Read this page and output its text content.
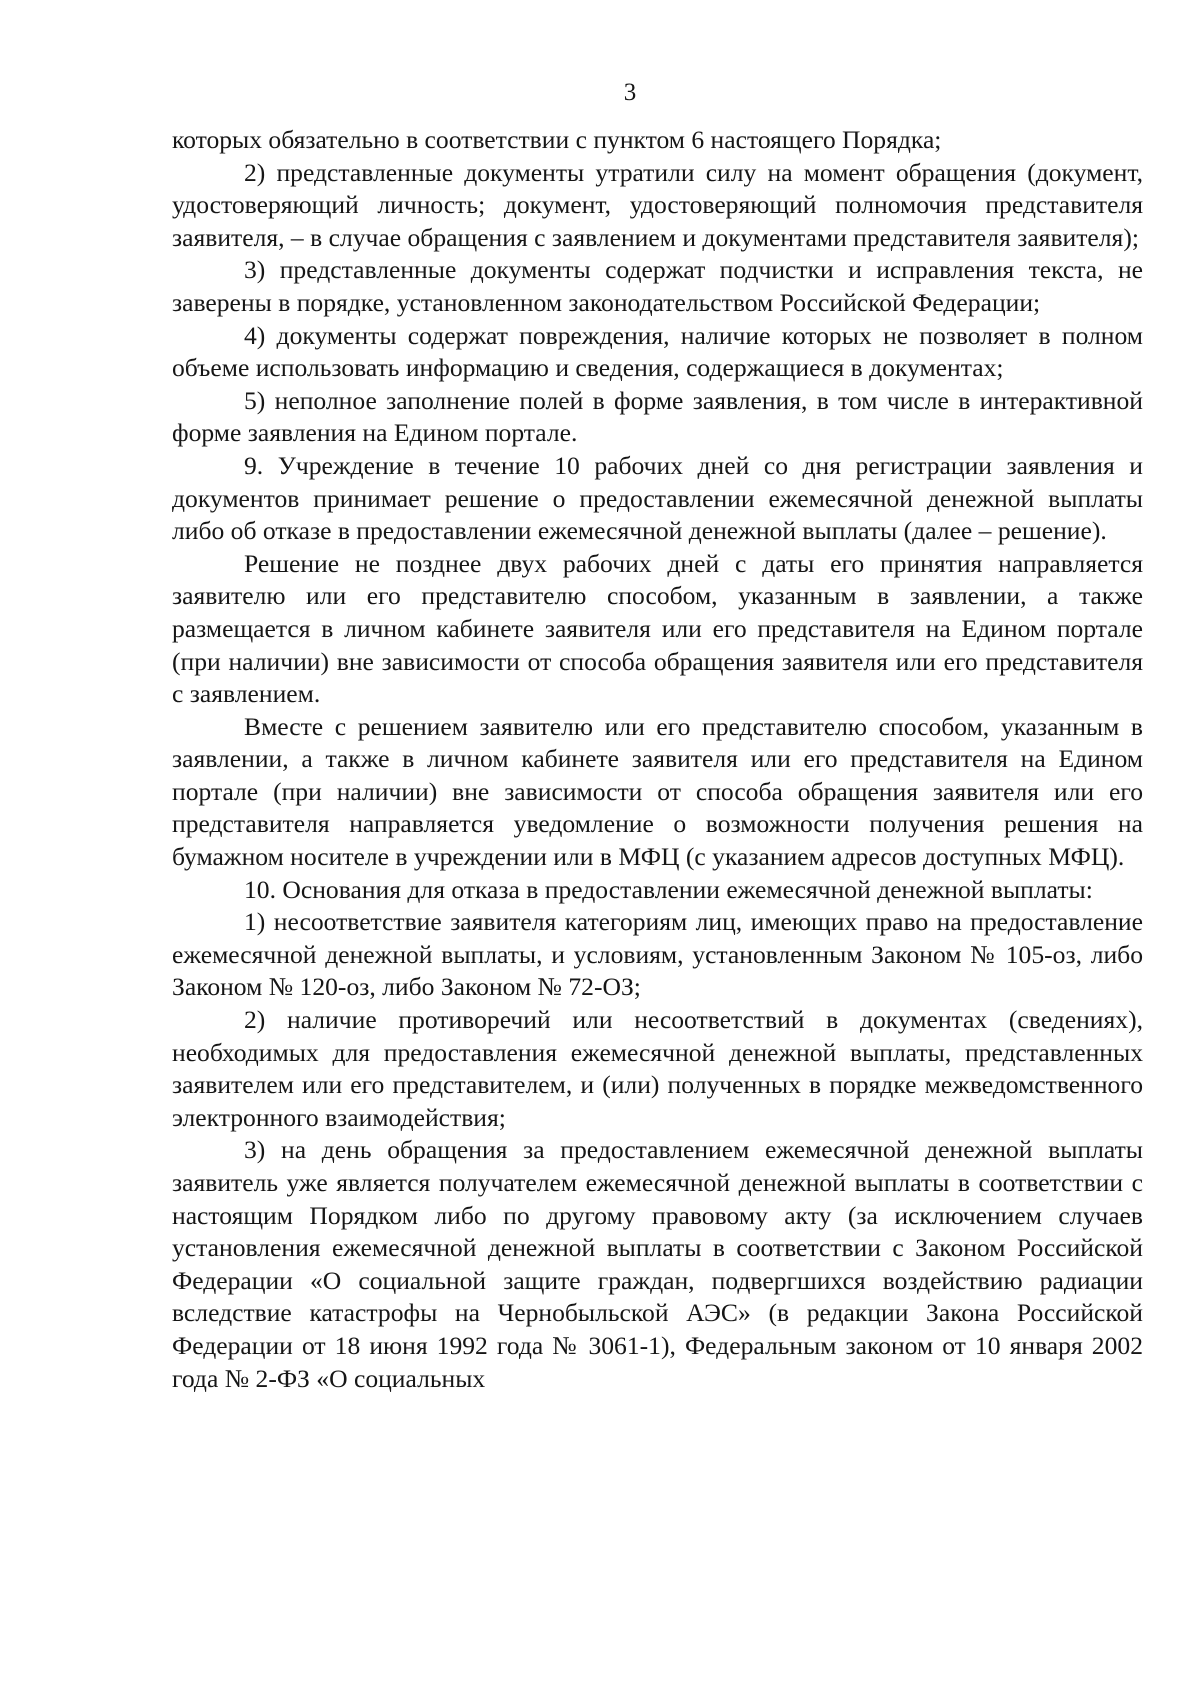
3

которых обязательно в соответствии с пунктом 6 настоящего Порядка;

2) представленные документы утратили силу на момент обращения (документ, удостоверяющий личность; документ, удостоверяющий полномочия представителя заявителя, – в случае обращения с заявлением и документами представителя заявителя);

3) представленные документы содержат подчистки и исправления текста, не заверены в порядке, установленном законодательством Российской Федерации;

4) документы содержат повреждения, наличие которых не позволяет в полном объеме использовать информацию и сведения, содержащиеся в документах;

5) неполное заполнение полей в форме заявления, в том числе в интерактивной форме заявления на Едином портале.

9. Учреждение в течение 10 рабочих дней со дня регистрации заявления и документов принимает решение о предоставлении ежемесячной денежной выплаты либо об отказе в предоставлении ежемесячной денежной выплаты (далее – решение).

Решение не позднее двух рабочих дней с даты его принятия направляется заявителю или его представителю способом, указанным в заявлении, а также размещается в личном кабинете заявителя или его представителя на Едином портале (при наличии) вне зависимости от способа обращения заявителя или его представителя с заявлением.

Вместе с решением заявителю или его представителю способом, указанным в заявлении, а также в личном кабинете заявителя или его представителя на Едином портале (при наличии) вне зависимости от способа обращения заявителя или его представителя направляется уведомление о возможности получения решения на бумажном носителе в учреждении или в МФЦ (с указанием адресов доступных МФЦ).

10. Основания для отказа в предоставлении ежемесячной денежной выплаты:

1) несоответствие заявителя категориям лиц, имеющих право на предоставление ежемесячной денежной выплаты, и условиям, установленным Законом № 105-оз, либо Законом № 120-оз, либо Законом № 72-ОЗ;

2) наличие противоречий или несоответствий в документах (сведениях), необходимых для предоставления ежемесячной денежной выплаты, представленных заявителем или его представителем, и (или) полученных в порядке межведомственного электронного взаимодействия;

3) на день обращения за предоставлением ежемесячной денежной выплаты заявитель уже является получателем ежемесячной денежной выплаты в соответствии с настоящим Порядком либо по другому правовому акту (за исключением случаев установления ежемесячной денежной выплаты в соответствии с Законом Российской Федерации «О социальной защите граждан, подвергшихся воздействию радиации вследствие катастрофы на Чернобыльской АЭС» (в редакции Закона Российской Федерации от 18 июня 1992 года № 3061-1), Федеральным законом от 10 января 2002 года № 2-ФЗ «О социальных
